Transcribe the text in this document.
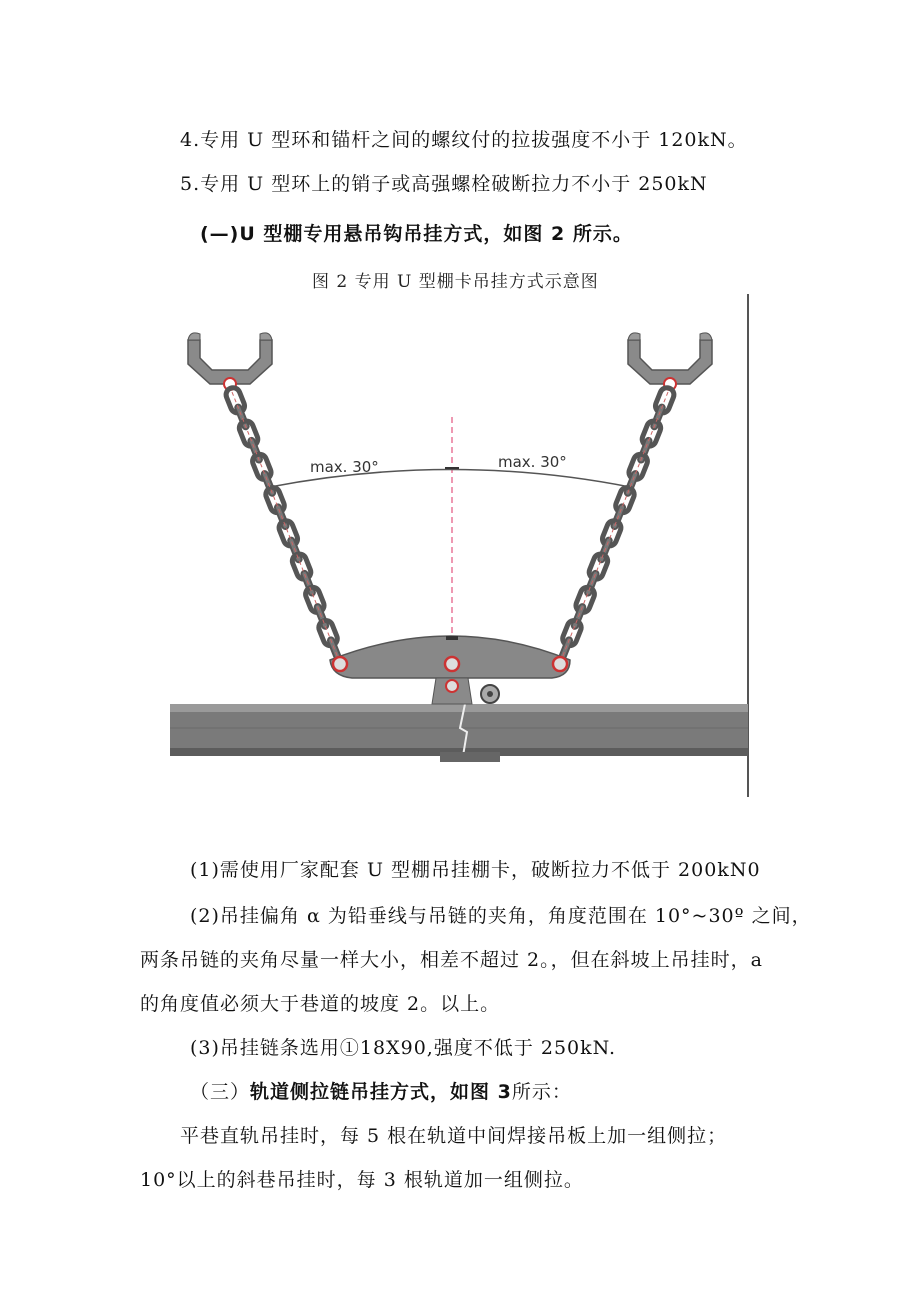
4.专用 U 型环和锚杆之间的螺纹付的拉拔强度不小于 120kN。
5.专用 U 型环上的销子或高强螺栓破断拉力不小于 250kN
(—)U 型棚专用悬吊钩吊挂方式，如图 2 所示。
图 2 专用 U 型棚卡吊挂方式示意图
max. 30°	max. 30°
(1)需使用厂家配套 U 型棚吊挂棚卡，破断拉力不低于 200kN0
(2)吊挂偏角 α 为铅垂线与吊链的夹角，角度范围在 10°~30º 之间，
两条吊链的夹角尽量一样大小，相差不超过 2。，但在斜坡上吊挂时，a
的角度值必须大于巷道的坡度 2。以上。
(3)吊挂链条选用①18X90,强度不低于 250kN.
（三）轨道侧拉链吊挂方式，如图 3所示：
平巷直轨吊挂时，每 5 根在轨道中间焊接吊板上加一组侧拉；
10°以上的斜巷吊挂时，每 3 根轨道加一组侧拉。
